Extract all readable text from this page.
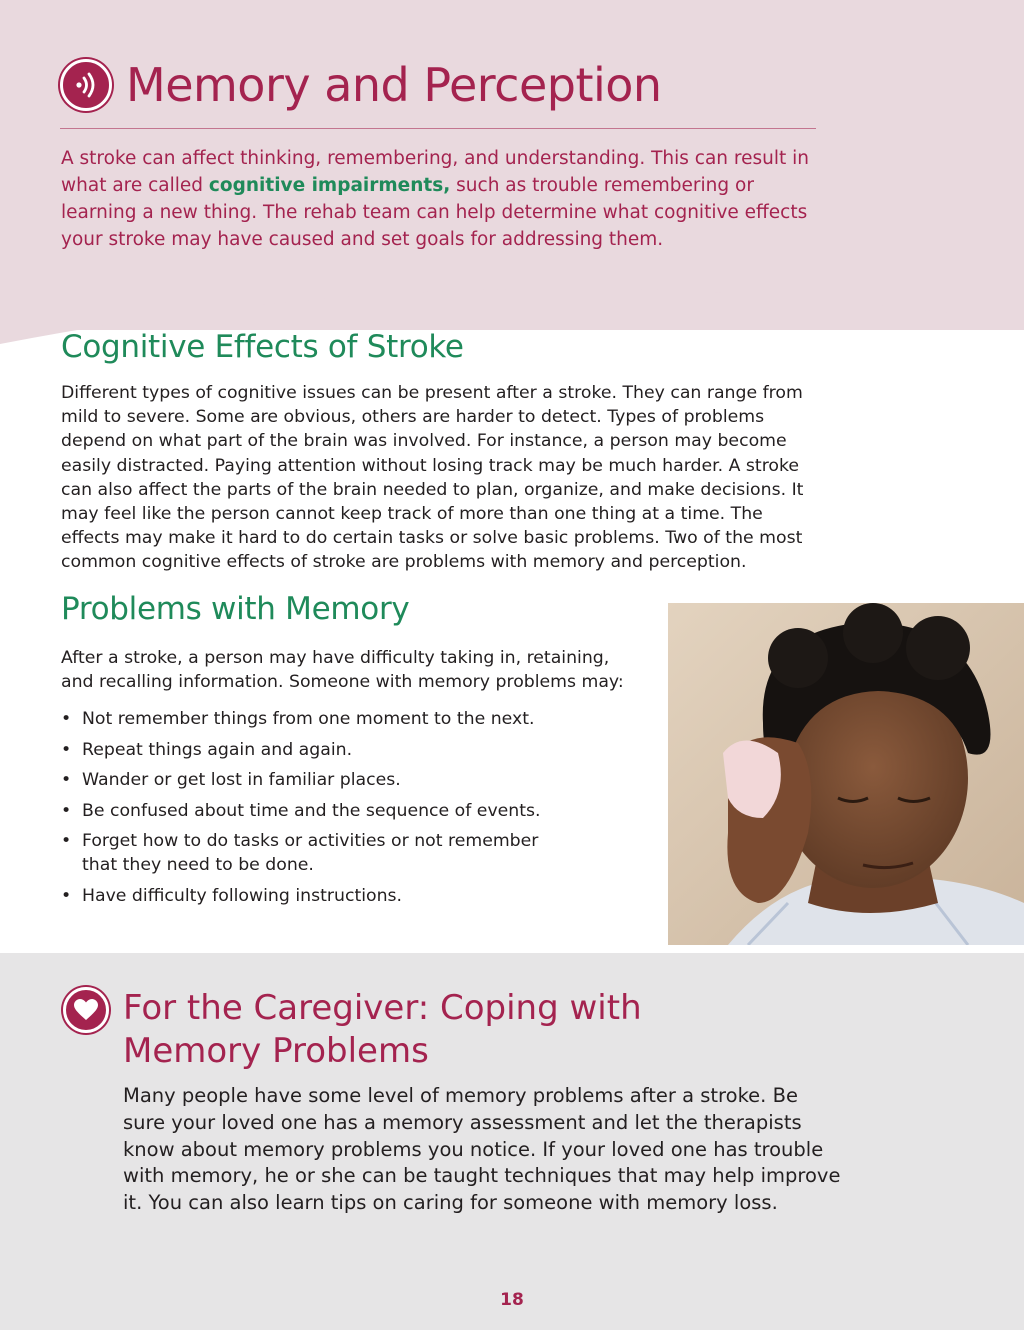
Memory and Perception

A stroke can affect thinking, remembering, and understanding. This can result in what are called cognitive impairments, such as trouble remembering or learning a new thing. The rehab team can help determine what cognitive effects your stroke may have caused and set goals for addressing them.

Cognitive Effects of Stroke

Different types of cognitive issues can be present after a stroke. They can range from mild to severe. Some are obvious, others are harder to detect. Types of problems depend on what part of the brain was involved. For instance, a person may become easily distracted. Paying attention without losing track may be much harder. A stroke can also affect the parts of the brain needed to plan, organize, and make decisions. It may feel like the person cannot keep track of more than one thing at a time. The effects may make it hard to do certain tasks or solve basic problems. Two of the most common cognitive effects of stroke are problems with memory and perception.

Problems with Memory

After a stroke, a person may have difficulty taking in, retaining, and recalling information. Someone with memory problems may:

• Not remember things from one moment to the next.
• Repeat things again and again.
• Wander or get lost in familiar places.
• Be confused about time and the sequence of events.
• Forget how to do tasks or activities or not remember that they need to be done.
• Have difficulty following instructions.
For the Caregiver: Coping with
Memory Problems

Many people have some level of memory problems after a stroke. Be sure your loved one has a memory assessment and let the therapists know about memory problems you notice. If your loved one has trouble with memory, he or she can be taught techniques that may help improve it. You can also learn tips on caring for someone with memory loss.

18
